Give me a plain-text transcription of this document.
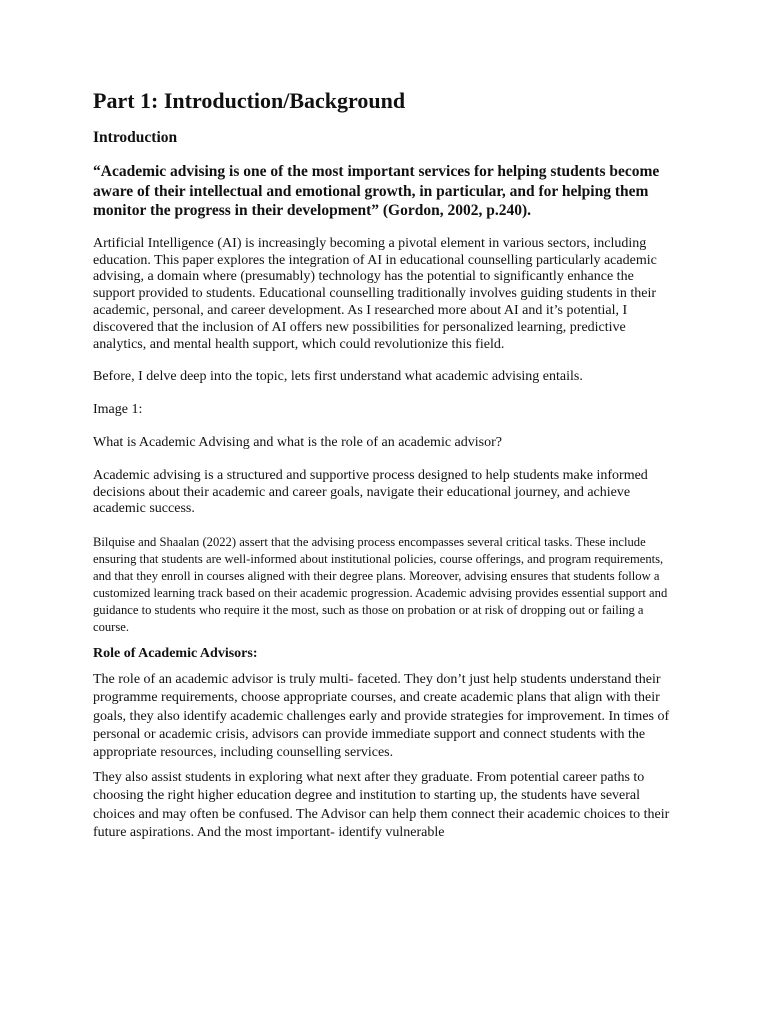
Part 1: Introduction/Background
Introduction

“Academic advising is one of the most important services for helping students become aware of their intellectual and emotional growth, in particular, and for helping them monitor the progress in their development” (Gordon, 2002, p.240).

Artificial Intelligence (AI) is increasingly becoming a pivotal element in various sectors, including education. This paper explores the integration of AI in educational counselling particularly academic advising, a domain where (presumably) technology has the potential to significantly enhance the support provided to students. Educational counselling traditionally involves guiding students in their academic, personal, and career development. As I researched more about AI and it’s potential, I discovered that the inclusion of AI offers new possibilities for personalized learning, predictive analytics, and mental health support, which could revolutionize this field.

Before, I delve deep into the topic, lets first understand what academic advising entails.

Image 1:

What is Academic Advising and what is the role of an academic advisor?

Academic advising is a structured and supportive process designed to help students make informed decisions about their academic and career goals, navigate their educational journey, and achieve academic success.

Bilquise and Shaalan (2022) assert that the advising process encompasses several critical tasks. These include ensuring that students are well-informed about institutional policies, course offerings, and program requirements, and that they enroll in courses aligned with their degree plans. Moreover, advising ensures that students follow a customized learning track based on their academic progression. Academic advising provides essential support and guidance to students who require it the most, such as those on probation or at risk of dropping out or failing a course.

Role of Academic Advisors:

The role of an academic advisor is truly multi- faceted. They don’t just help students understand their programme requirements, choose appropriate courses, and create academic plans that align with their goals, they also identify academic challenges early and provide strategies for improvement. In times of personal or academic crisis, advisors can provide immediate support and connect students with the appropriate resources, including counselling services.

They also assist students in exploring what next after they graduate. From potential career paths to choosing the right higher education degree and institution to starting up, the students have several choices and may often be confused. The Advisor can help them connect their academic choices to their future aspirations. And the most important- identify vulnerable
